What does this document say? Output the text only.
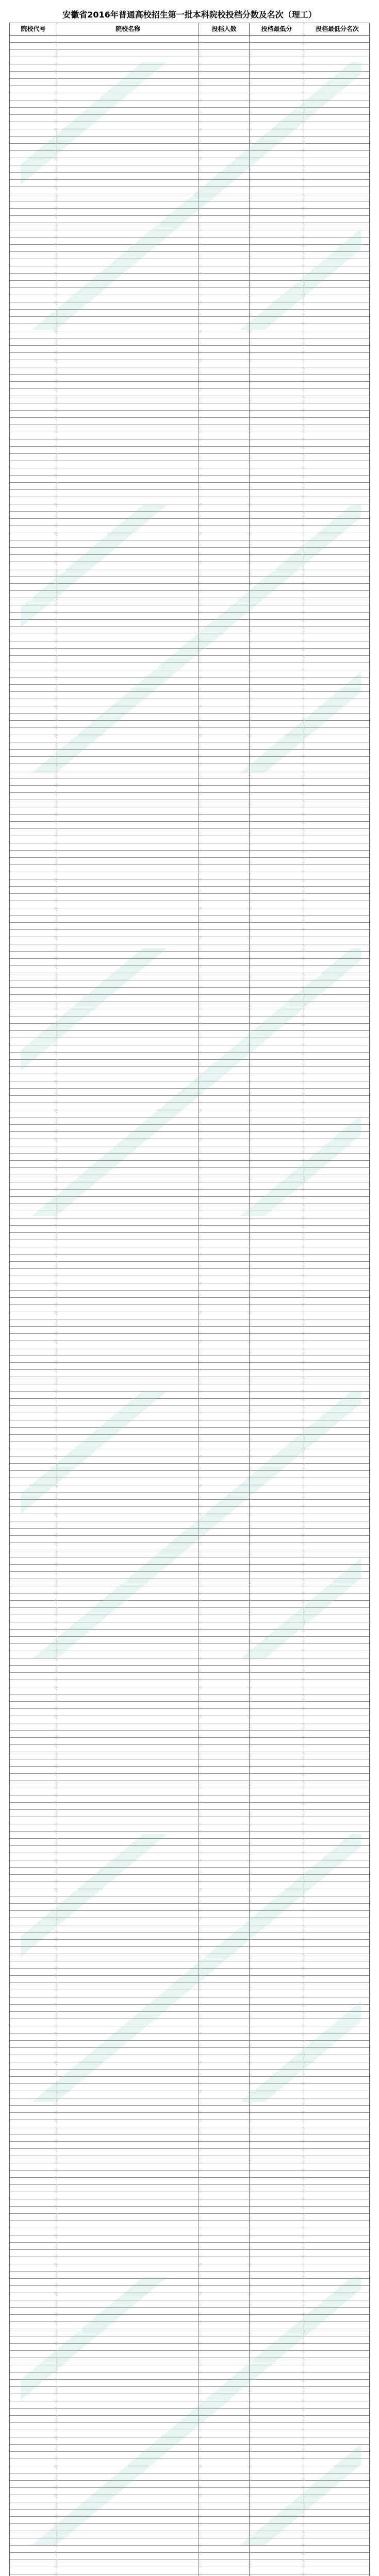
安徽省2016年普通高校招生第一批本科院校投档分数及名次（理工）
院校代号	院校名称	投档人数	投档最低分	投档最低分名次
